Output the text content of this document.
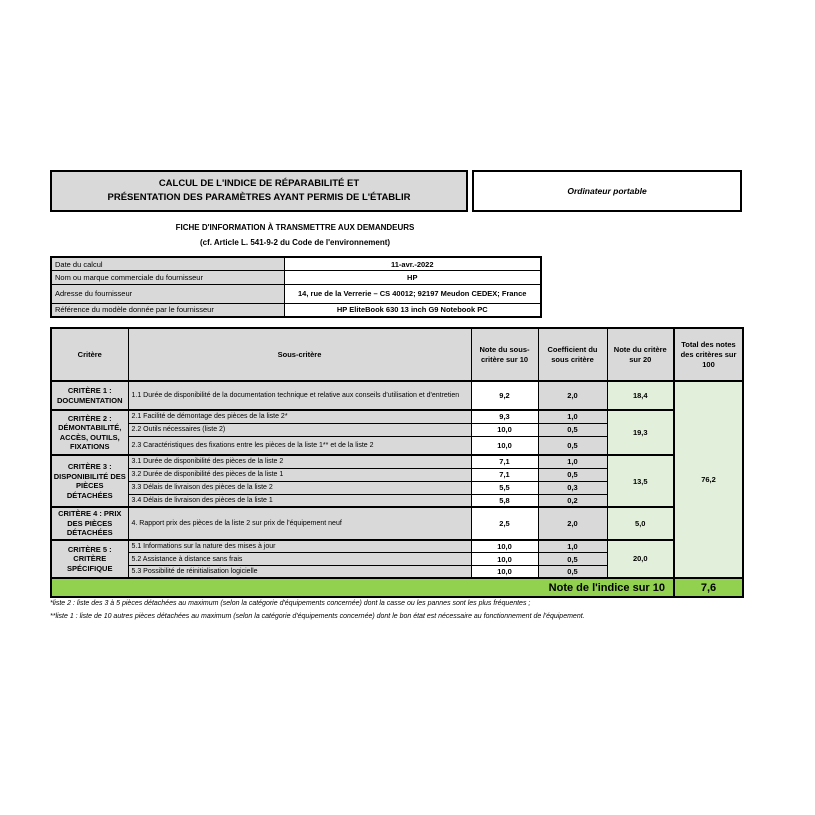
CALCUL DE L'INDICE DE RÉPARABILITÉ ET
PRÉSENTATION DES PARAMÈTRES AYANT PERMIS DE L'ÉTABLIR
Ordinateur portable
FICHE D'INFORMATION À TRANSMETTRE AUX DEMANDEURS
(cf. Article L. 541-9-2 du Code de l'environnement)
Date du calcul	11-avr.-2022
Nom ou marque commerciale du fournisseur	HP
Adresse du fournisseur	14, rue de la Verrerie – CS 40012; 92197 Meudon CEDEX; France
Référence du modèle donnée par le fournisseur	HP EliteBook 630 13 inch G9 Notebook PC
Critère	Sous-critère	Note du sous-critère sur 10	Coefficient du sous critère	Note du critère sur 20	Total des notes des critères sur 100
CRITÈRE 1 : DOCUMENTATION	1.1 Durée de disponibilité de la documentation technique et relative aux conseils d'utilisation et d'entretien	9,2	2,0	18,4	76,2
CRITÈRE 2 : DÉMONTABILITÉ, ACCÈS, OUTILS, FIXATIONS	2.1 Facilité de démontage des pièces de la liste 2*	9,3	1,0	19,3	
	2.2 Outils nécessaires (liste 2)	10,0	0,5		
	2.3 Caractéristiques des fixations entre les pièces de la liste 1** et de la liste 2	10,0	0,5		
CRITÈRE 3 : DISPONIBILITÉ DES PIÈCES DÉTACHÉES	3.1 Durée de disponibilité des pièces de la liste 2	7,1	1,0	13,5	
	3.2 Durée de disponibilité des pièces de la liste 1	7,1	0,5		
	3.3 Délais de livraison des pièces de la liste 2	5,5	0,3		
	3.4 Délais de livraison des pièces de la liste 1	5,8	0,2		
CRITÈRE 4 : PRIX DES PIÈCES DÉTACHÉES	4. Rapport prix des pièces de la liste 2 sur prix de l'équipement neuf	2,5	2,0	5,0	
CRITÈRE 5 : CRITÈRE SPÉCIFIQUE	5.1 Informations sur la nature des mises à jour	10,0	1,0	20,0	
	5.2 Assistance à distance sans frais	10,0	0,5		
	5.3 Possibilité de réinitialisation logicielle	10,0	0,5		
Note de l'indice sur 10					7,6
*liste 2 : liste des 3 à 5 pièces détachées au maximum (selon la catégorie d'équipements concernée) dont la casse ou les pannes sont les plus fréquentes ;
**liste 1 : liste de 10 autres pièces détachées au maximum (selon la catégorie d'équipements concernée) dont le bon état est nécessaire au fonctionnement de l'équipement.
